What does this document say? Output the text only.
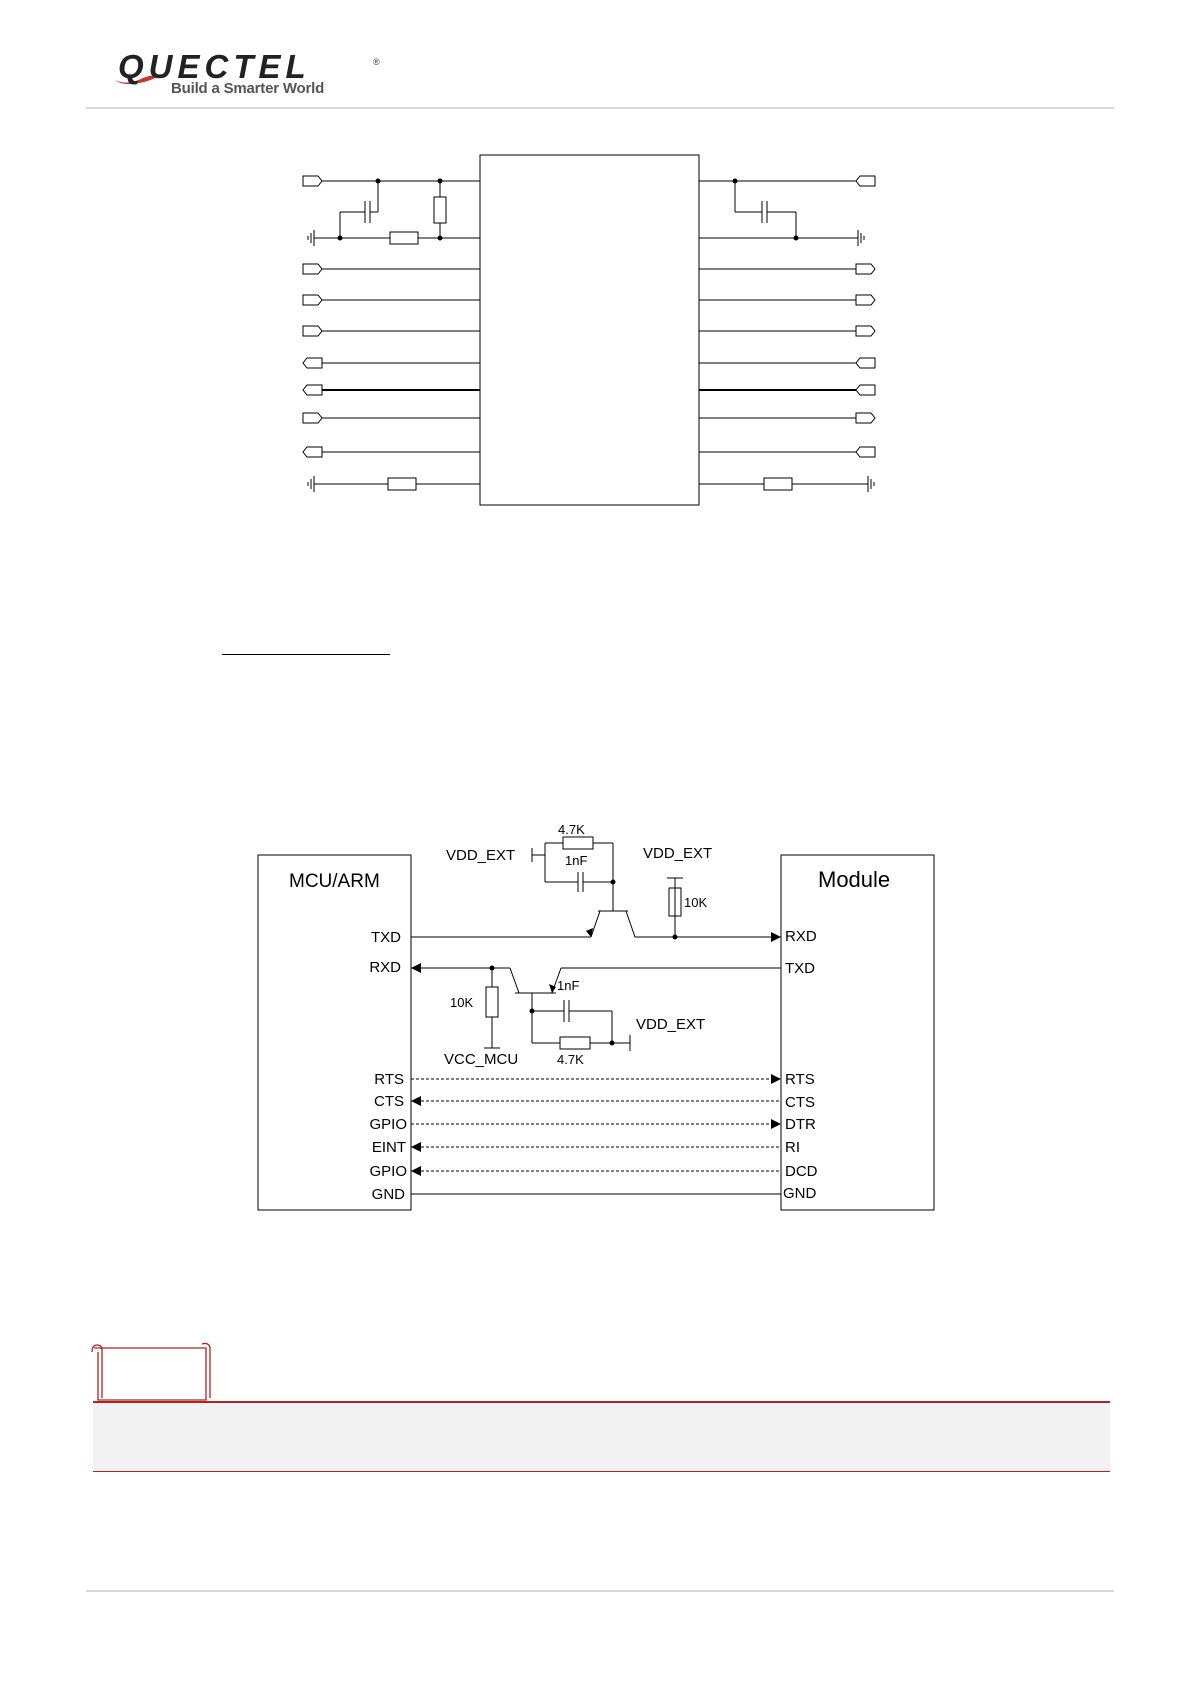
QUECTEL	®
Build a Smarter World
MCU/ARM	Module
TXD
RXD
RTS
CTS
GPIO
EINT
GPIO
GND
RXD
TXD
RTS
CTS
DTR
RI
DCD
GND
VDD_EXT	VDD_EXT
VDD_EXT
VCC_MCU
4.7K
1nF
10K
10K
1nF
4.7K
